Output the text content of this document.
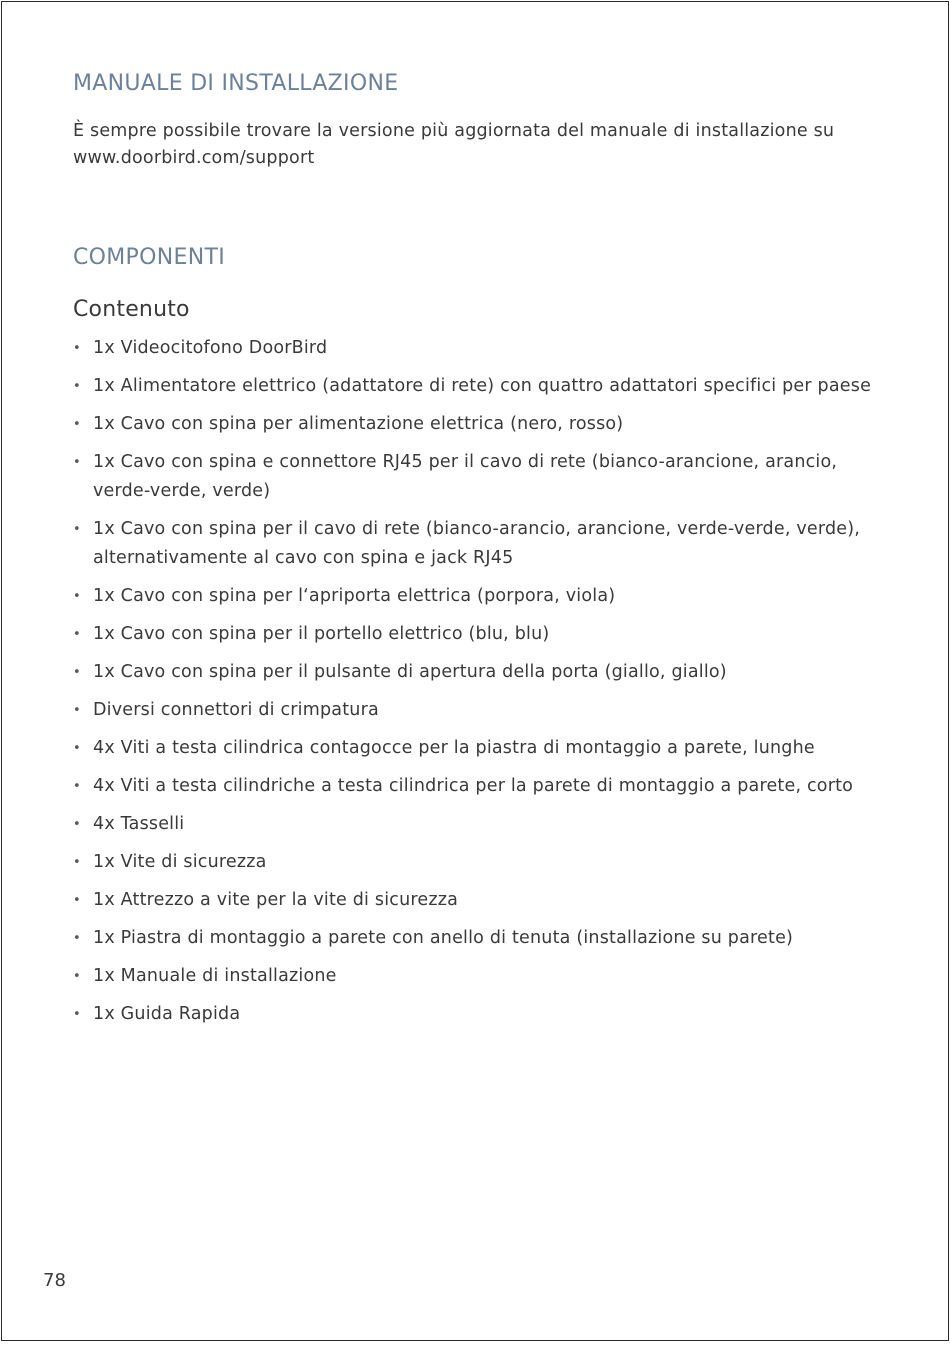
MANUALE DI INSTALLAZIONE

È sempre possibile trovare la versione più aggiornata del manuale di installazione su www.doorbird.com/support

COMPONENTI
Contenuto
• 1x Videocitofono DoorBird
• 1x Alimentatore elettrico (adattatore di rete) con quattro adattatori specifici per paese
• 1x Cavo con spina per alimentazione elettrica (nero, rosso)
• 1x Cavo con spina e connettore RJ45 per il cavo di rete (bianco-arancione, arancio, verde-verde, verde)
• 1x Cavo con spina per il cavo di rete (bianco-arancio, arancione, verde-verde, verde), alternativamente al cavo con spina e jack RJ45
• 1x Cavo con spina per l‘apriporta elettrica (porpora, viola)
• 1x Cavo con spina per il portello elettrico (blu, blu)
• 1x Cavo con spina per il pulsante di apertura della porta (giallo, giallo)
• Diversi connettori di crimpatura
• 4x Viti a testa cilindrica contagocce per la piastra di montaggio a parete, lunghe
• 4x Viti a testa cilindriche a testa cilindrica per la parete di montaggio a parete, corto
• 4x Tasselli
• 1x Vite di sicurezza
• 1x Attrezzo a vite per la vite di sicurezza
• 1x Piastra di montaggio a parete con anello di tenuta (installazione su parete)
• 1x Manuale di installazione
• 1x Guida Rapida
78
